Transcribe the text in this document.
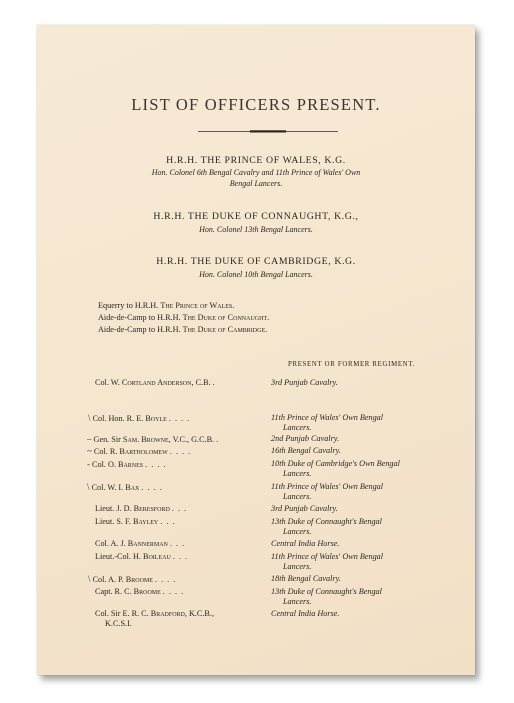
LIST OF OFFICERS PRESENT.
H.R.H. THE PRINCE OF WALES, K.G.
Hon. Colonel 6th Bengal Cavalry and 11th Prince of Wales' Own
Bengal Lancers.
H.R.H. THE DUKE OF CONNAUGHT, K.G.,
Hon. Colonel 13th Bengal Lancers.
H.R.H. THE DUKE OF CAMBRIDGE, K.G.
Hon. Colonel 10th Bengal Lancers.
Equerry to H.R.H. The Prince of Wales.
Aide-de-Camp to H.R.H. The Duke of Connaught.
Aide-de-Camp to H.R.H. The Duke of Cambridge.
PRESENT OR FORMER REGIMENT.
Col. W. Cortland Anderson, C.B. .	3rd Punjab Cavalry.
\ Col. Hon. R. E. Boyle . . . .	11th Prince of Wales' Own Bengal
Lancers.
– Gen. Sir Sam. Browne, V.C., G.C.B. .	2nd Punjab Cavalry.
~ Col. R. Bartholomew . . . .	16th Bengal Cavalry.
- Col. O. Barnes . . . .	10th Duke of Cambridge's Own Bengal
Lancers.
\ Col. W. I. Bax . . . .	11th Prince of Wales' Own Bengal
Lancers.
Lieut. J. D. Beresford . . .	3rd Punjab Cavalry.
Lieut. S. F. Bayley . . .	13th Duke of Connaught's Bengal
Lancers.
Col. A. J. Bannerman . . .	Central India Horse.
Lieut.-Col. H. Boileau . . .	11th Prince of Wales' Own Bengal
Lancers.
\ Col. A. P. Broome . . . .	18th Bengal Cavalry.
Capt. R. C. Broome . . . .	13th Duke of Connaught's Bengal
Lancers.
Col. Sir E. R. C. Bradford, K.C.B.,	Central India Horse.
K.C.S.I.
